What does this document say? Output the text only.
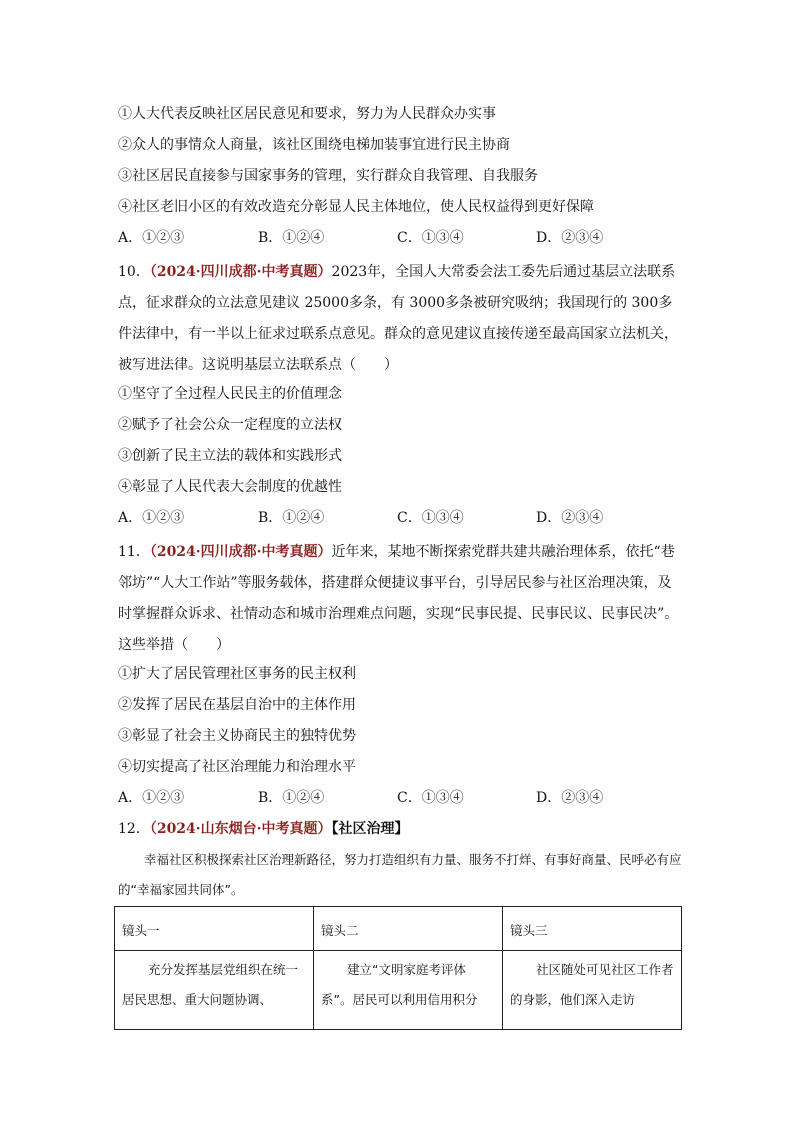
①人大代表反映社区居民意见和要求，努力为人民群众办实事
②众人的事情众人商量，该社区围绕电梯加装事宜进行民主协商
③社区居民直接参与国家事务的管理，实行群众自我管理、自我服务
④社区老旧小区的有效改造充分彰显人民主体地位，使人民权益得到更好保障
A．①②③	B．①②④	C．①③④	D．②③④
10．（2024·四川成都·中考真题）2023年，全国人大常委会法工委先后通过基层立法联系点，征求群众的立法意见建议 25000多条，有 3000多条被研究吸纳；我国现行的 300多件法律中，有一半以上征求过联系点意见。群众的意见建议直接传递至最高国家立法机关，被写进法律。这说明基层立法联系点（　　）
①坚守了全过程人民民主的价值理念
②赋予了社会公众一定程度的立法权
③创新了民主立法的载体和实践形式
④彰显了人民代表大会制度的优越性
A．①②③	B．①②④	C．①③④	D．②③④
11．（2024·四川成都·中考真题）近年来，某地不断探索党群共建共融治理体系，依托“巷邻坊”“人大工作站”等服务载体，搭建群众便捷议事平台，引导居民参与社区治理决策，及时掌握群众诉求、社情动态和城市治理难点问题，实现“民事民提、民事民议、民事民决”。这些举措（　　）
①扩大了居民管理社区事务的民主权利
②发挥了居民在基层自治中的主体作用
③彰显了社会主义协商民主的独特优势
④切实提高了社区治理能力和治理水平
A．①②③	B．①②④	C．①③④	D．②③④
12．（2024·山东烟台·中考真题）【社区治理】
幸福社区积极探索社区治理新路径，努力打造组织有力量、服务不打烊、有事好商量、民呼必有应的“幸福家园共同体”。
镜头一	镜头二	镜头三
充分发挥基层党组织在统一居民思想、重大问题协调、	建立“文明家庭考评体系”。居民可以利用信用积分	社区随处可见社区工作者的身影，他们深入走访
